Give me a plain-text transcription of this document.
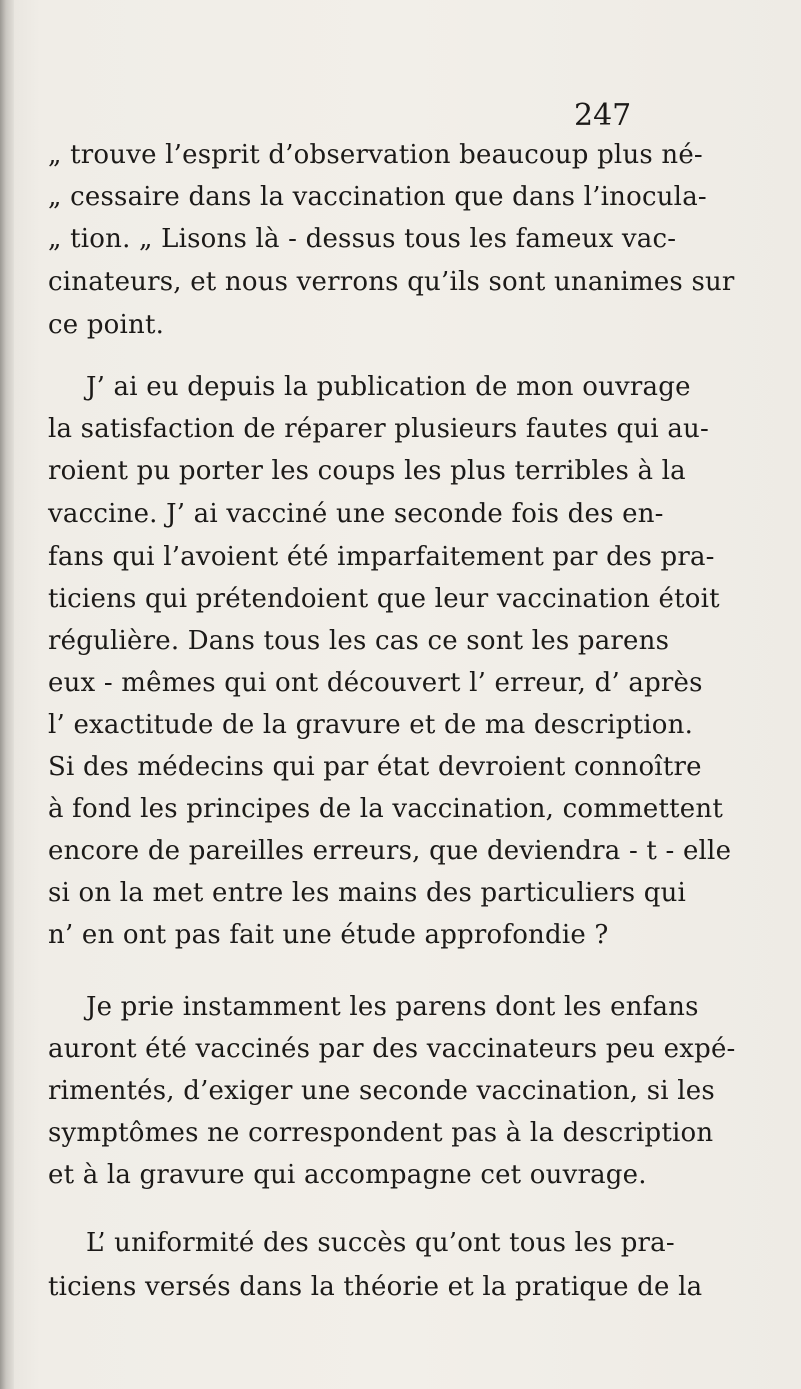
247
„ trouve l’esprit d’observation beaucoup plus né-
„ cessaire dans la vaccination que dans l’inocula-
„ tion. „ Lisons là - dessus tous les fameux vac-
cinateurs, et nous verrons qu’ils sont unanimes sur
ce point.
J’ ai eu depuis la publication de mon ouvrage
la satisfaction de réparer plusieurs fautes qui au-
roient pu porter les coups les plus terribles à la
vaccine. J’ ai vacciné une seconde fois des en-
fans qui l’avoient été imparfaitement par des pra-
ticiens qui prétendoient que leur vaccination étoit
régulière. Dans tous les cas ce sont les parens
eux - mêmes qui ont découvert l’ erreur, d’ après
l’ exactitude de la gravure et de ma description.
Si des médecins qui par état devroient connoître
à fond les principes de la vaccination, commettent
encore de pareilles erreurs, que deviendra - t - elle
si on la met entre les mains des particuliers qui
n’ en ont pas fait une étude approfondie ?
Je prie instamment les parens dont les enfans
auront été vaccinés par des vaccinateurs peu expé-
rimentés, d’exiger une seconde vaccination, si les
symptômes ne correspondent pas à la description
et à la gravure qui accompagne cet ouvrage.
L’ uniformité des succès qu’ont tous les pra-
ticiens versés dans la théorie et la pratique de la
